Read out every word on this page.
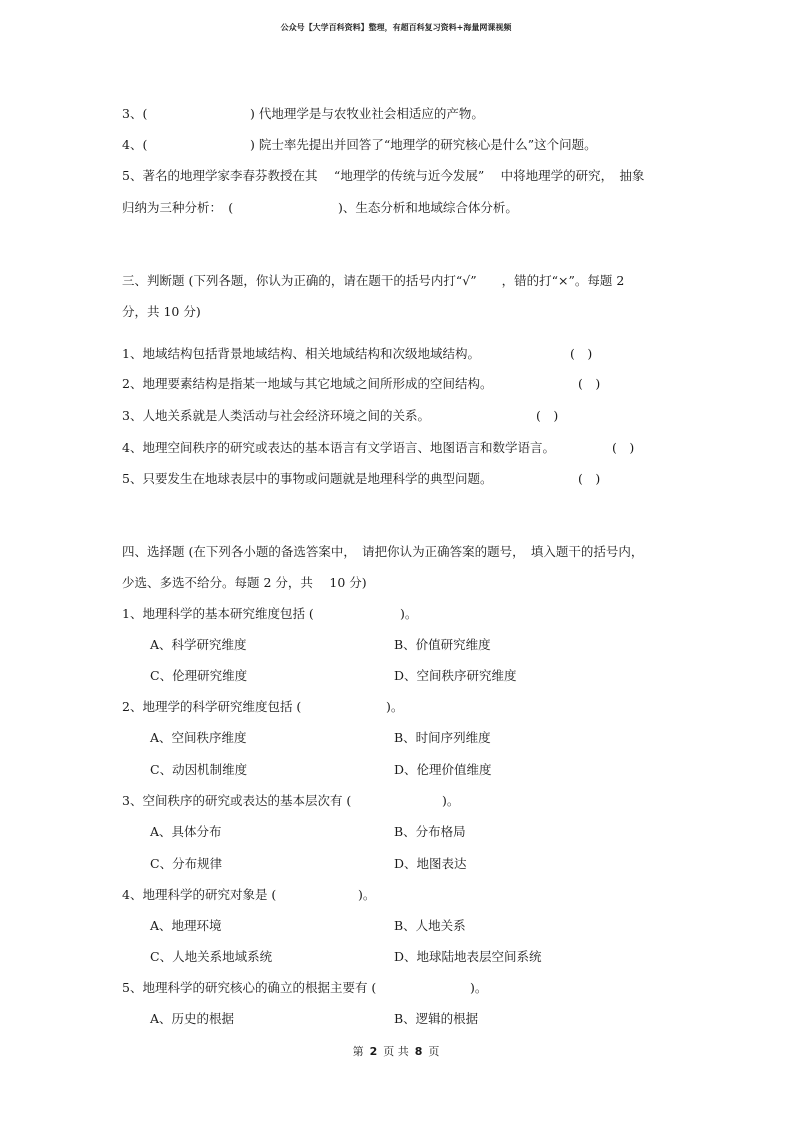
公众号【大学百科资料】整理，有超百科复习资料+海量网课视频
3、(	) 代地理学是与农牧业社会相适应的产物。
4、(	) 院士率先提出并回答了“地理学的研究核心是什么”这个问题。
5、著名的地理学家李春芬教授在其　 “地理学的传统与近今发展”　 中将地理学的研究，　抽象
归纳为三种分析：　(	)、生态分析和地域综合体分析。
三、判断题 (下列各题，你认为正确的，请在题干的括号内打“√”　　，错的打“×”。每题 2
分，共 10 分)
1、地域结构包括背景地域结构、相关地域结构和次级地域结构。	(　)
2、地理要素结构是指某一地域与其它地域之间所形成的空间结构。	(　)
3、人地关系就是人类活动与社会经济环境之间的关系。	(　)
4、地理空间秩序的研究或表达的基本语言有文学语言、地图语言和数学语言。	(　)
5、只要发生在地球表层中的事物或问题就是地理科学的典型问题。	(　)
四、选择题 (在下列各小题的备选答案中，　请把你认为正确答案的题号，　填入题干的括号内，
少选、多选不给分。每题 2 分，共　 10 分)
1、地理科学的基本研究维度包括 (	)。
A、科学研究维度	B、价值研究维度
C、伦理研究维度	D、空间秩序研究维度
2、地理学的科学研究维度包括 (	)。
A、空间秩序维度	B、时间序列维度
C、动因机制维度	D、伦理价值维度
3、空间秩序的研究或表达的基本层次有 (	)。
A、具体分布	B、分布格局
C、分布规律	D、地图表达
4、地理科学的研究对象是 (	)。
A、地理环境	B、人地关系
C、人地关系地域系统	D、地球陆地表层空间系统
5、地理科学的研究核心的确立的根据主要有 (	)。
A、历史的根据	B、逻辑的根据
第 2 页 共 8 页
